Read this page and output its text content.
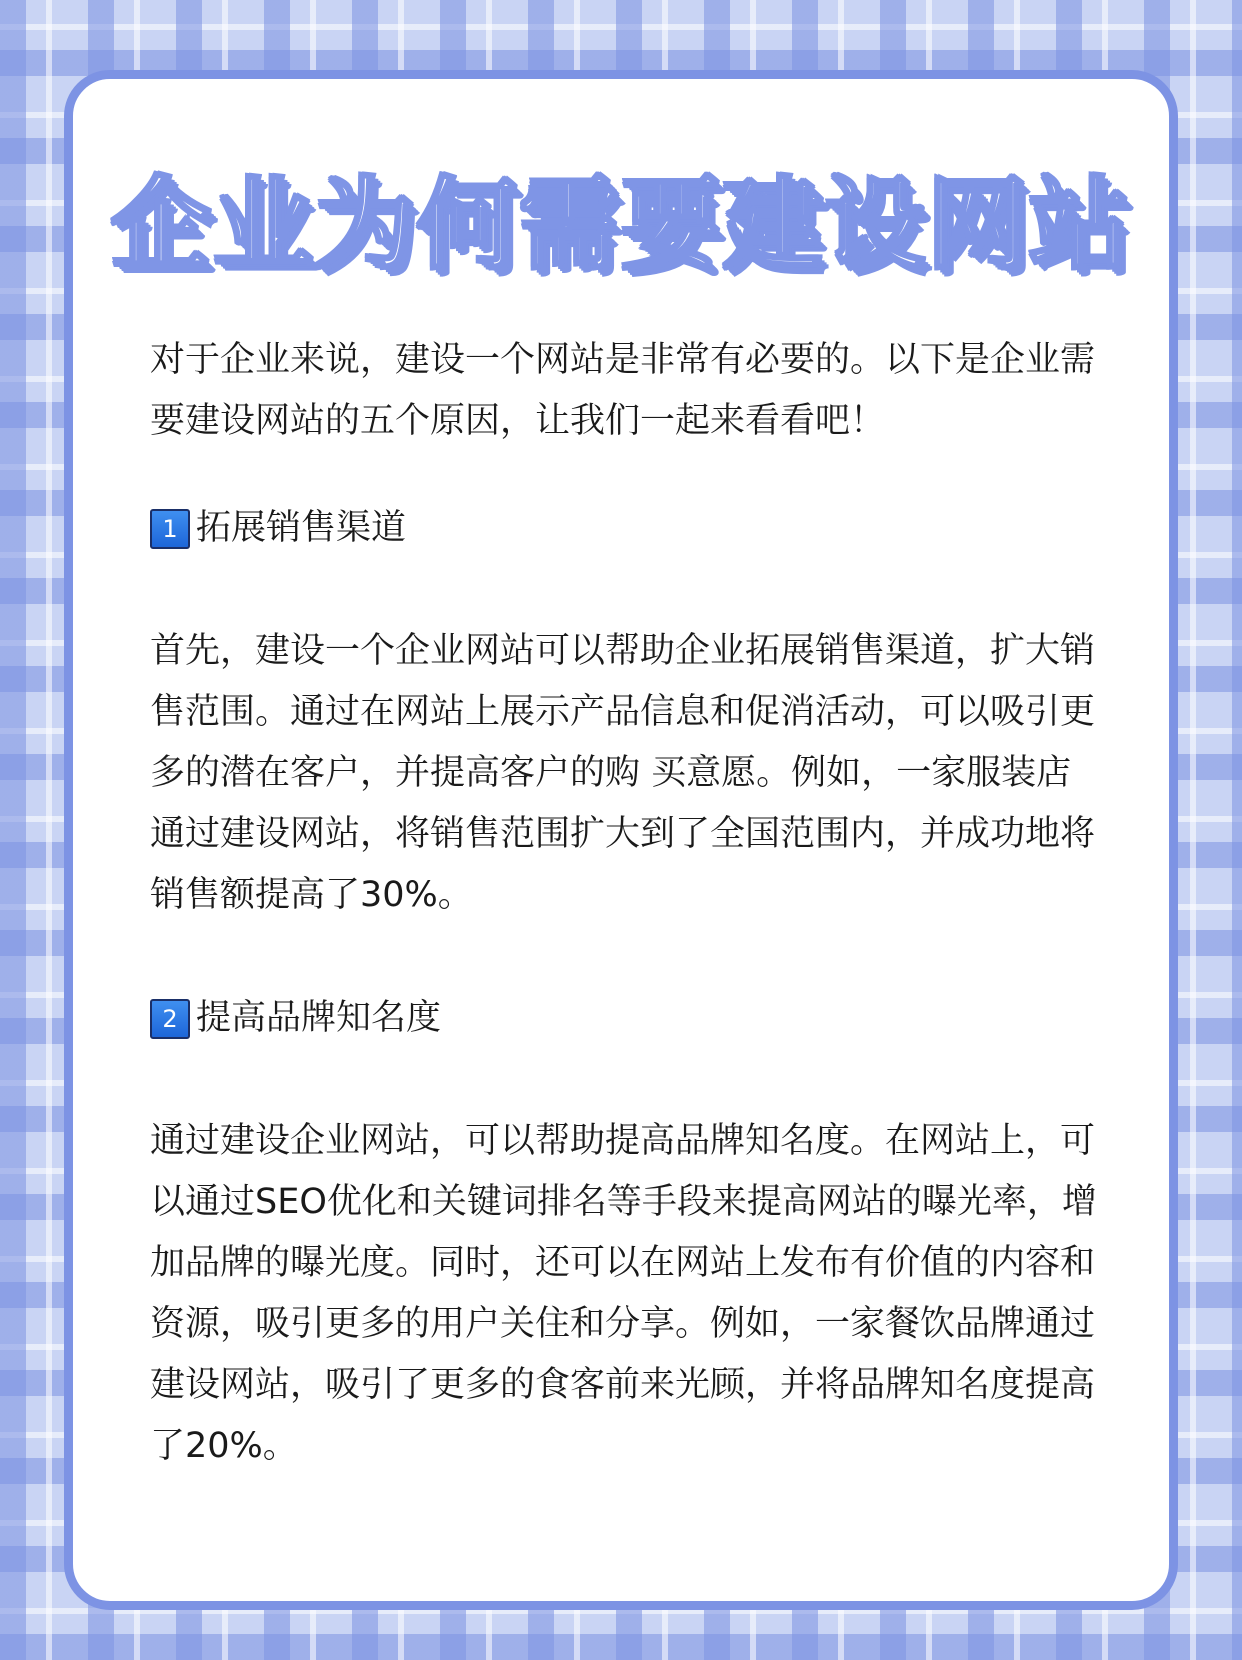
企业为何需要建设网站

对于企业来说，建设一个网站是非常有必要的。以下是企业需要建设网站的五个原因，让我们一起来看看吧！

1 拓展销售渠道

首先，建设一个企业网站可以帮助企业拓展销售渠道，扩大销售范围。通过在网站上展示产品信息和促消活动，可以吸引更多的潜在客户，并提高客户的购 买意愿。例如，一家服装店通过建设网站，将销售范围扩大到了全国范围内，并成功地将销售额提高了30%。

2 提高品牌知名度

通过建设企业网站，可以帮助提高品牌知名度。在网站上，可以通过SEO优化和关键词排名等手段来提高网站的曝光率，增加品牌的曝光度。同时，还可以在网站上发布有价值的内容和资源，吸引更多的用户关住和分享。例如，一家餐饮品牌通过建设网站，吸引了更多的食客前来光顾，并将品牌知名度提高了20%。
